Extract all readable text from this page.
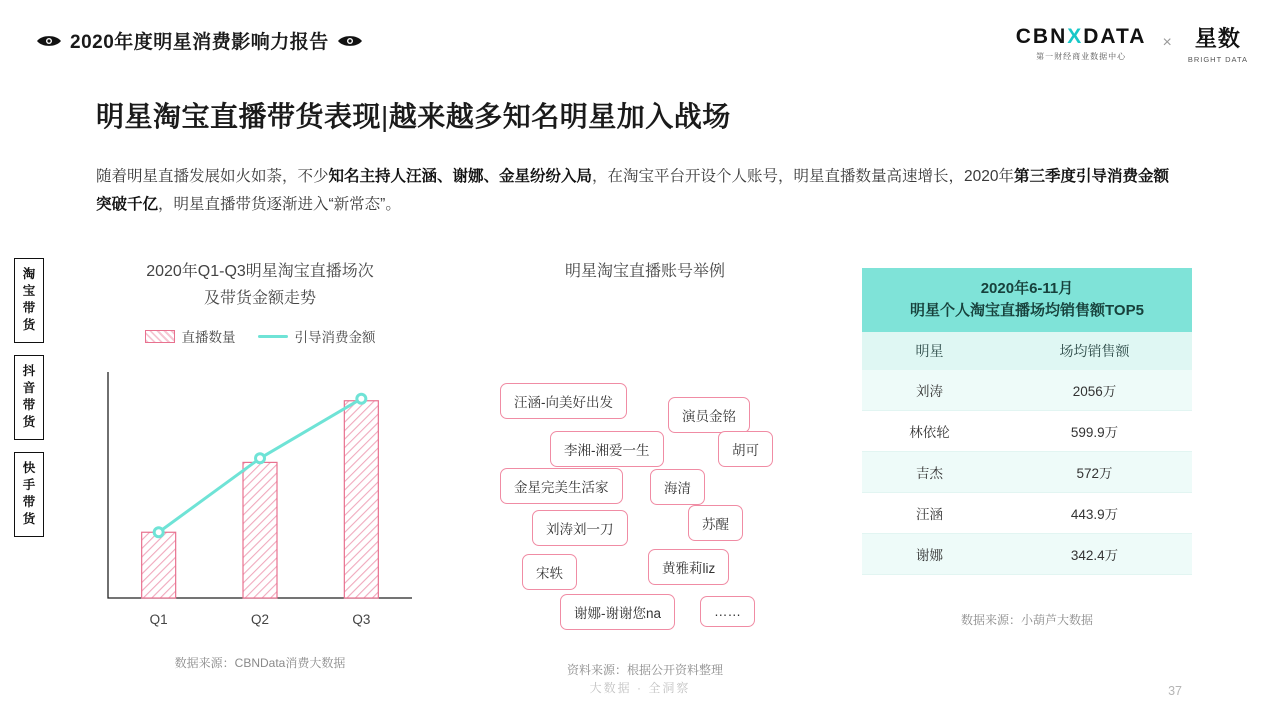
2020年度明星消费影响力报告	CBNXDATA
第一财经商业数据中心
×	星数
BRIGHT DATA
明星淘宝直播带货表现|越来越多知名明星加入战场
随着明星直播发展如火如荼，不少知名主持人汪涵、谢娜、金星纷纷入局，在淘宝平台开设个人账号，明星直播数量高速增长，2020年第三季度引导消费金额突破千亿，明星直播带货逐渐进入“新常态”。
淘
宝
带
货
抖
音
带
货
快
手
带
货
2020年Q1-Q3明星淘宝直播场次
及带货金额走势
直播数量	引导消费金额
Q1	Q2	Q3
数据来源：CBNData消费大数据
明星淘宝直播账号举例
汪涵-向美好出发
演员金铭
李湘-湘爱一生	胡可
金星完美生活家	海清
刘涛刘一刀	苏醒
宋轶	黄雅莉liz
谢娜-谢谢您na	……
资料来源：根据公开资料整理
2020年6-11月
明星个人淘宝直播场均销售额TOP5	

明星	场均销售额
刘涛	2056万
林依轮	599.9万
吉杰	572万
汪涵	443.9万
谢娜	342.4万
数据来源：小葫芦大数据
大数据 · 全洞察	37
